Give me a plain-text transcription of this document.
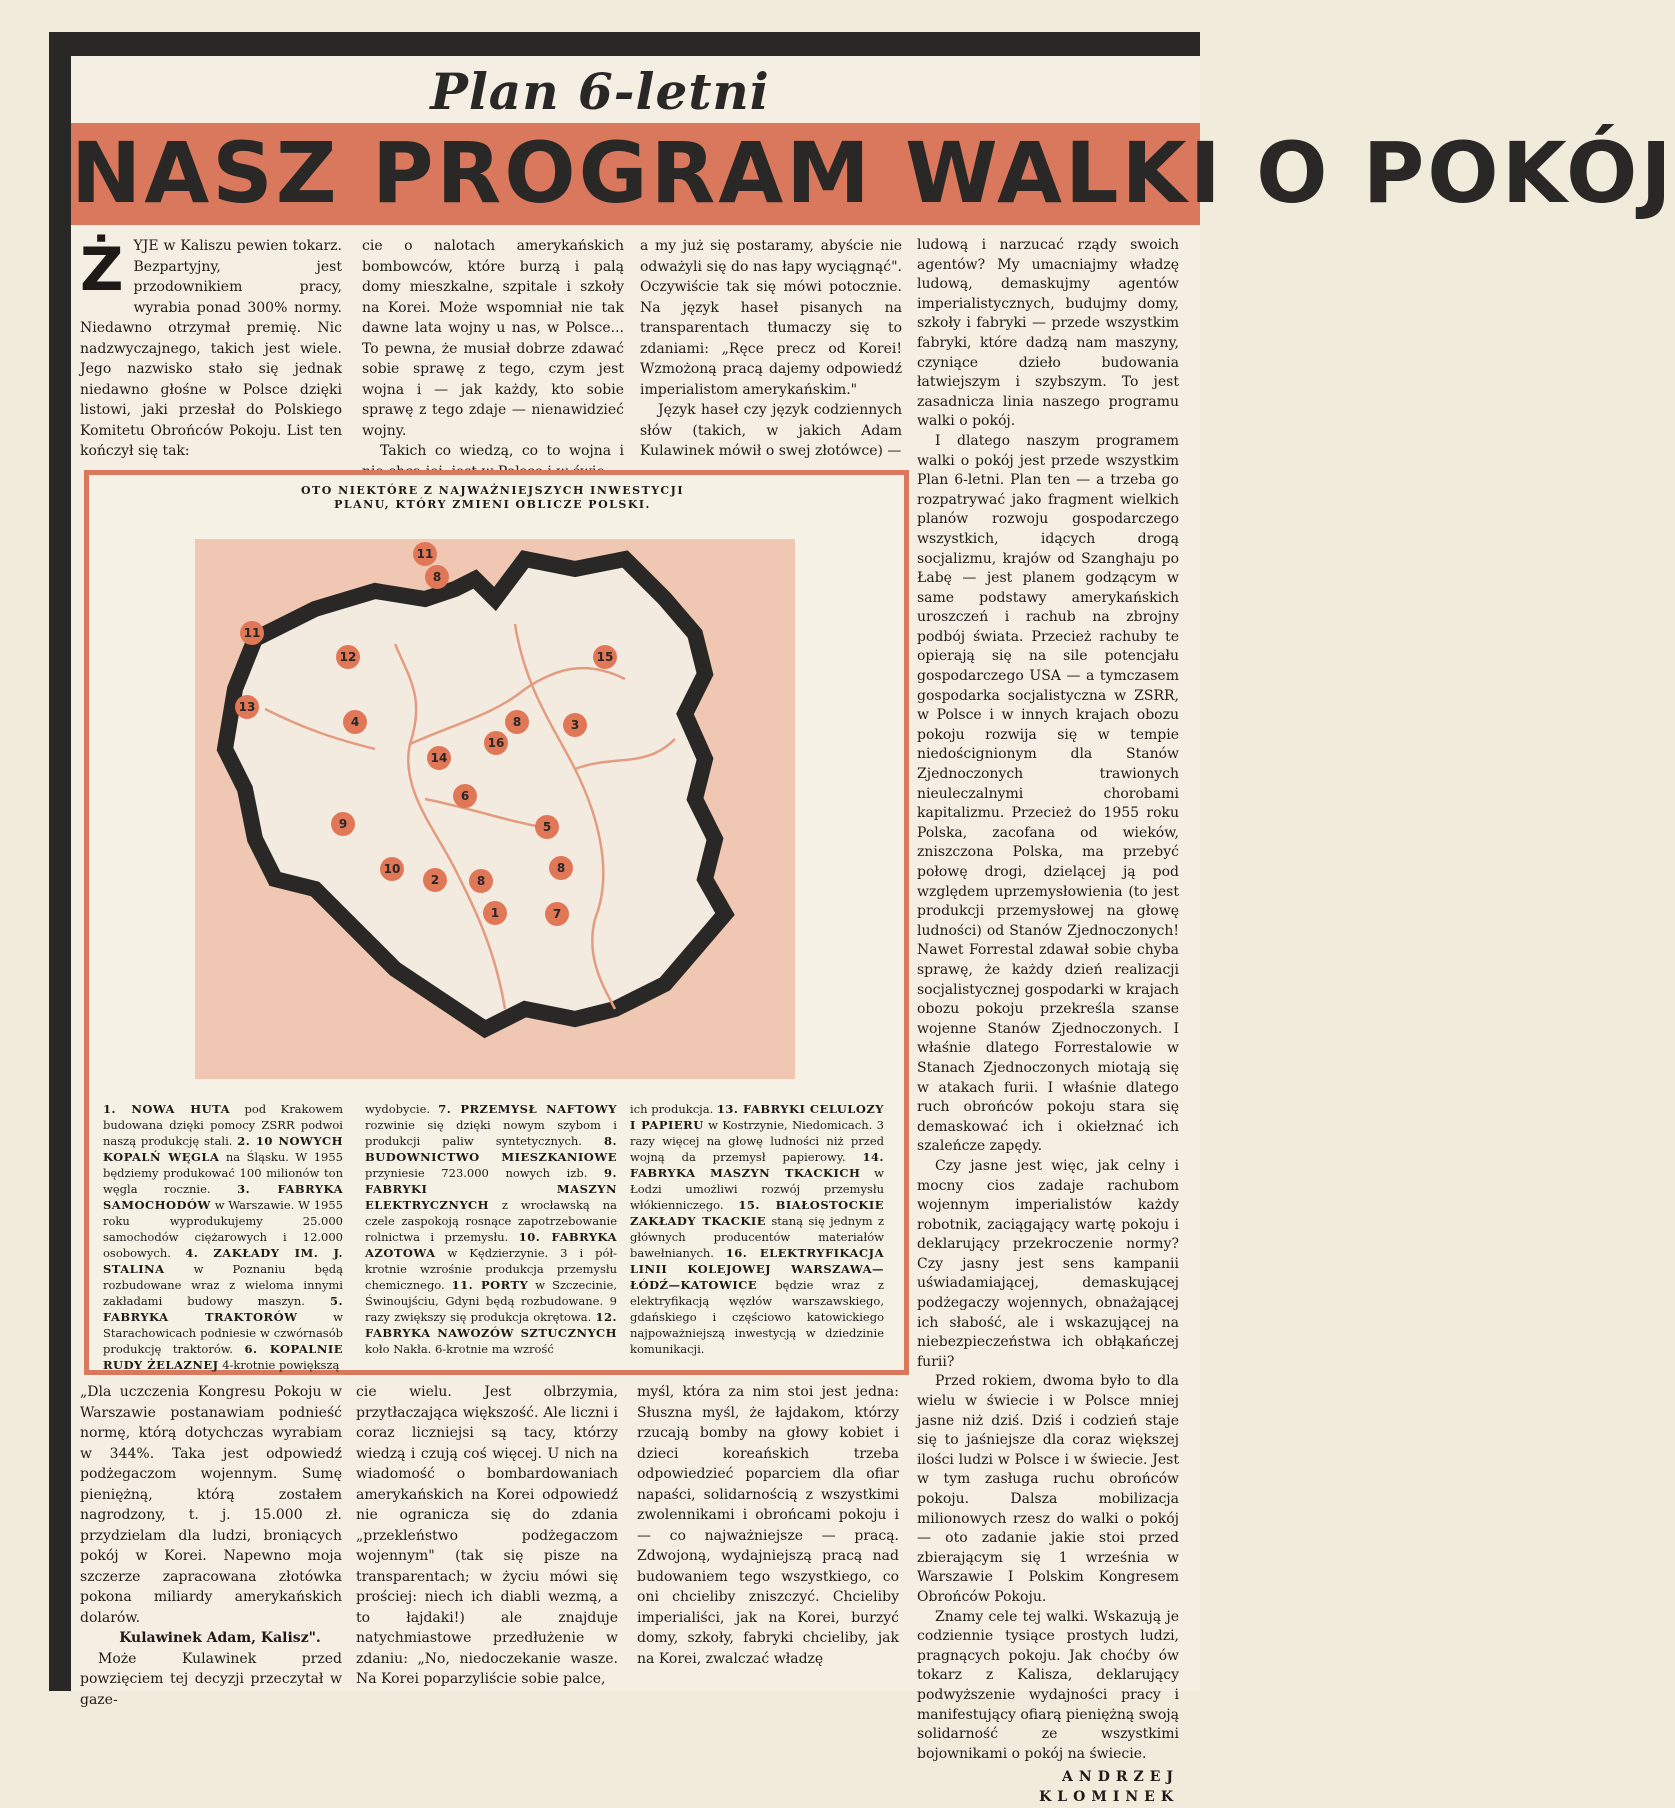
Plan 6-letni
NASZ PROGRAM WALKI O POKÓJ

ŻYJE w Kaliszu pewien tokarz. Bezpartyjny, jest przodownikiem pracy, wyrabia ponad 300% normy. Niedawno otrzymał premię. Nic nadzwyczajnego, takich jest wiele. Jego nazwisko stało się jednak niedawno głośne w Polsce dzięki listowi, jaki przesłał do Polskiego Komitetu Obrońców Pokoju. List ten kończył się tak:

cie o nalotach amerykańskich bombowców, które burzą i palą domy mieszkalne, szpitale i szkoły na Korei. Może wspomniał nie tak dawne lata wojny u nas, w Polsce... To pewna, że musiał dobrze zdawać sobie sprawę z tego, czym jest wojna i — jak każdy, kto sobie sprawę z tego zdaje — nienawidzieć wojny.

Takich co wiedzą, co to wojna i

a my już się postaramy, abyście nie odważyli się do nas łapy wyciągnąć". Oczywiście tak się mówi potocznie. Na język haseł pisanych na transparentach tłumaczy się to zdaniami: „Ręce precz od Korei! Wzmożoną pracą dajemy odpowiedź imperialistom amerykańskim."

Język haseł czy język codziennych słów (takich, w jakich Adam Kulawinek mówił o swej złotówce) —

ludową i narzucać rządy swoich agentów? My umacniajmy władzę ludową, demaskujmy agentów imperialistycznych, budujmy domy, szkoły i fabryki — przede wszystkim fabryki, które dadzą nam maszyny, czyniące dzieło budowania łatwiejszym i szybszym. To jest zasadnicza linia naszego programu walki o pokój.

I dlatego naszym programem walki o pokój jest przede wszystkim Plan 6-letni. Plan ten — a trzeba go rozpatrywać jako fragment wielkich planów rozwoju gospodarczego wszystkich, idących drogą socjalizmu, krajów od Szanghaju po Łabę — jest planem godzącym w same podstawy amerykańskich uroszczeń i rachub na zbrojny podbój świata. Przecież rachuby te opierają się na sile potencjału gospodarczego USA — a tymczasem gospodarka socjalistyczna w ZSRR, w Polsce i w innych krajach obozu pokoju rozwija się w tempie niedoścignionym dla Stanów Zjednoczonych trawionych nieuleczalnymi chorobami kapitalizmu. Przecież do 1955 roku Polska, zacofana od wieków, zniszczona Polska, ma przebyć połowę drogi, dzielącej ją pod względem uprzemysłowienia (to jest produkcji przemysłowej na głowę ludności) od Stanów Zjednoczonych! Nawet Forrestal zdawał sobie chyba sprawę, że każdy dzień realizacji socjalistycznej gospodarki w krajach obozu pokoju przekreśla szanse wojenne Stanów Zjednoczonych. I właśnie dlatego Forrestalowie w Stanach Zjednoczonych miotają się w atakach furii. I właśnie dlatego ruch obrońców pokoju stara się demaskować ich i okiełznać ich szaleńcze zapędy.

Czy jasne jest więc, jak celny i mocny cios zadaje rachubom wojennym imperialistów każdy robotnik, zaciągający wartę pokoju i deklarujący przekroczenie normy? Czy jasny jest sens kampanii uświadamiającej, demaskującej podżegaczy wojennych, obnażającej ich słabość, ale i wskazującej na niebezpieczeństwa ich obłąkańczej furii?

Przed rokiem, dwoma było to dla wielu w świecie i w Polsce mniej jasne niż dziś. Dziś i codzień staje się to jaśniejsze dla coraz większej ilości ludzi w Polsce i w świecie. Jest w tym zasługa ruchu obrońców pokoju. Dalsza mobilizacja milionowych rzesz do walki o pokój — oto zadanie jakie stoi przed zbierającym się 1 września w Warszawie I Polskim Kongresem Obrońców Pokoju.

Znamy cele tej walki. Wskazują je codziennie tysiące prostych ludzi, pragnących pokoju. Jak choćby ów tokarz z Kalisza, deklarujący podwyższenie wydajności pracy i manifestujący ofiarą pieniężną swoją solidarność ze wszystkimi bojownikami o pokój na świecie.

ANDRZEJ KLOMINEK
OTO NIEKTÓRE Z NAJWAŻNIEJSZYCH INWESTYCJI PLANU, KTÓRY ZMIENI OBLICZE POLSKI.
11
8
11
12	15
13
4	8	3
16
14
6
9	5
10
2	8
8
1	7
1. NOWA HUTA pod Krakowem budowana dzięki pomocy ZSRR podwoi naszą produkcję stali. 2. 10 NOWYCH KOPALŃ WĘGLA na Śląsku. W 1955 będziemy produkować 100 milionów ton węgla rocznie. 3. FABRYKA SAMOCHODÓW w Warszawie. W 1955 roku wyprodukujemy 25.000 samochodów ciężarowych i 12.000 osobowych. 4. ZAKŁADY IM. J. STALINA w Poznaniu będą rozbudowane wraz z wieloma innymi zakładami budowy maszyn. 5. FABRYKA TRAKTORÓW w Starachowicach podniesie w czwórnasób produkcję traktorów. 6. KOPALNIE RUDY ŻELAZNEJ 4-krotnie powiększą
wydobycie. 7. PRZEMYSŁ NAFTOWY rozwinie się dzięki nowym szybom i produkcji paliw syntetycznych. 8. BUDOWNICTWO MIESZKANIOWE przyniesie 723.000 nowych izb. 9. FABRYKI MASZYN ELEKTRYCZNYCH z wrocławską na czele zaspokoją rosnące zapotrzebowanie rolnictwa i przemysłu. 10. FABRYKA AZOTOWA w Kędzierzynie. 3 i pół-krotnie wzrośnie produkcja przemysłu chemicznego. 11. PORTY w Szczecinie, Świnoujściu, Gdyni będą rozbudowane. 9 razy zwiększy się produkcja okrętowa. 12. FABRYKA NAWOZÓW SZTUCZNYCH koło Nakła. 6-krotnie ma wzrość
ich produkcja. 13. FABRYKI CELULOZY I PAPIERU w Kostrzynie, Niedomicach. 3 razy więcej na głowę ludności niż przed wojną da przemysł papierowy. 14. FABRYKA MASZYN TKACKICH w Łodzi umożliwi rozwój przemysłu włókienniczego. 15. BIAŁOSTOCKIE ZAKŁADY TKACKIE staną się jednym z głównych producentów materiałów bawełnianych. 16. ELEKTRYFIKACJA LINII KOLEJOWEJ WARSZAWA—ŁÓDŹ—KATOWICE będzie wraz z elektryfikacją węzłów warszawskiego, gdańskiego i częściowo katowickiego najpoważniejszą inwestycją w dziedzinie komunikacji.

„Dla uczczenia Kongresu Pokoju w Warszawie postanawiam podnieść normę, którą dotychczas wyrabiam w 344%. Taka jest odpowiedź podżegaczom wojennym. Sumę pieniężną, którą zostałem nagrodzony, t. j. 15.000 zł. przydzielam dla ludzi, broniących pokój w Korei. Napewno moja szczerze zapracowana złotówka pokona miliardy amerykańskich dolarów.

Kulawinek Adam, Kalisz".

Może Kulawinek przed powzięciem tej decyzji przeczytał w gaze-

cie wielu. Jest olbrzymia, przytłaczająca większość. Ale liczni i coraz liczniejsi są tacy, którzy wiedzą i czują coś więcej. U nich na wiadomość o bombardowaniach amerykańskich na Korei odpowiedź nie ogranicza się do zdania „przekleństwo podżegaczom wojennym" (tak się pisze na transparentach; w życiu mówi się prościej: niech ich diabli wezmą, a to łajdaki!) ale znajduje natychmiastowe przedłużenie w zdaniu: „No, niedoczekanie wasze. Na Korei poparzyliście sobie palce,

myśl, która za nim stoi jest jedna: Słuszna myśl, że łajdakom, którzy rzucają bomby na głowy kobiet i dzieci koreańskich trzeba odpowiedzieć poparciem dla ofiar napaści, solidarnością z wszystkimi zwolennikami i obrońcami pokoju i — co najważniejsze — pracą. Zdwojoną, wydajniejszą pracą nad budowaniem tego wszystkiego, co oni chcieliby zniszczyć. Chcieliby imperialiści, jak na Korei, burzyć domy, szkoły, fabryki chcieliby, jak na Korei, zwalczać władzę
